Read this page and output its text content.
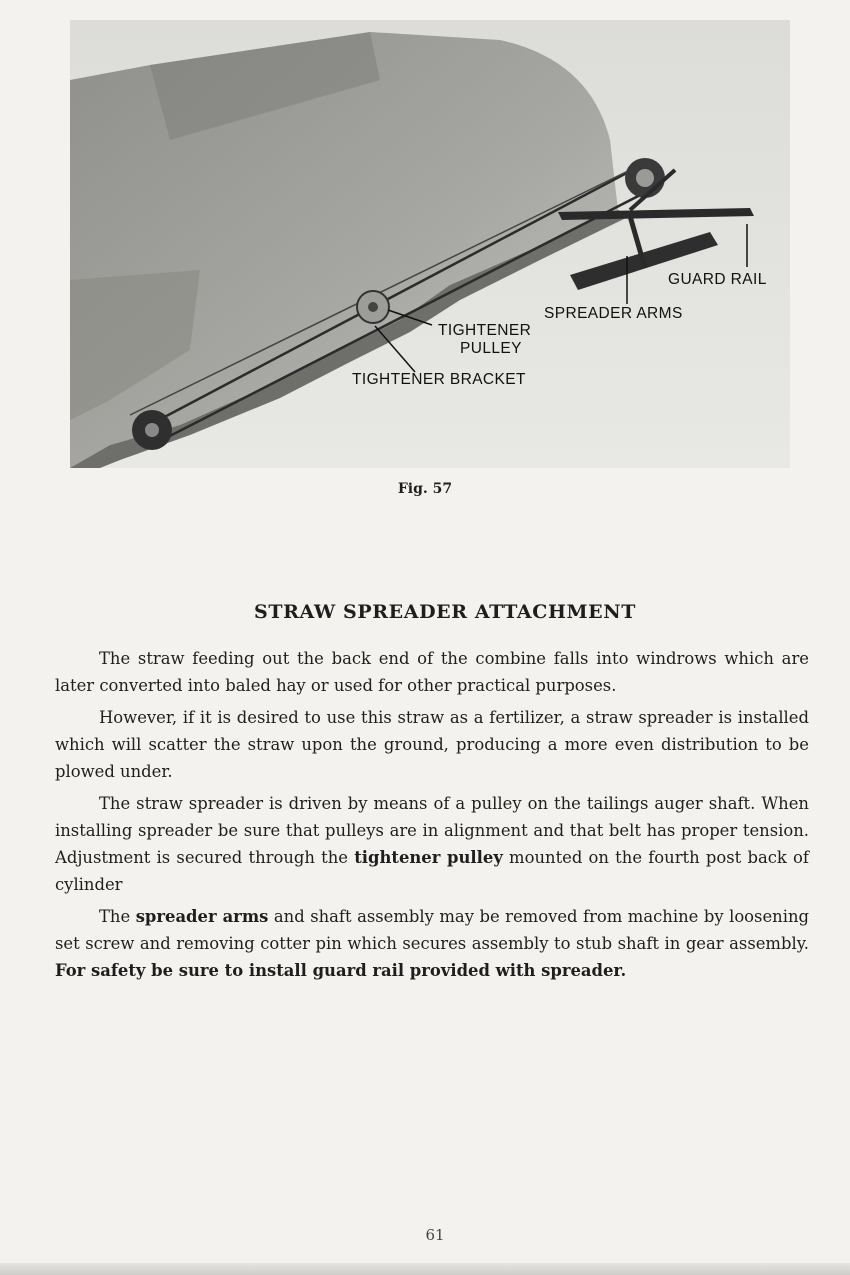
GUARD RAIL
SPREADER ARMS
TIGHTENER
PULLEY
TIGHTENER BRACKET
Fig. 57
STRAW SPREADER ATTACHMENT

The straw feeding out the back end of the combine falls into windrows which are later converted into baled hay or used for other practical purposes.

However, if it is desired to use this straw as a fertilizer, a straw spreader is installed which will scatter the straw upon the ground, producing a more even distribution to be plowed under.

The straw spreader is driven by means of a pulley on the tailings auger shaft. When installing spreader be sure that pulleys are in alignment and that belt has proper tension. Adjustment is secured through the tightener pulley mounted on the fourth post back of cylinder

The spreader arms and shaft assembly may be removed from machine by loosening set screw and removing cotter pin which secures assembly to stub shaft in gear assembly. For safety be sure to install guard rail provided with spreader.

61
